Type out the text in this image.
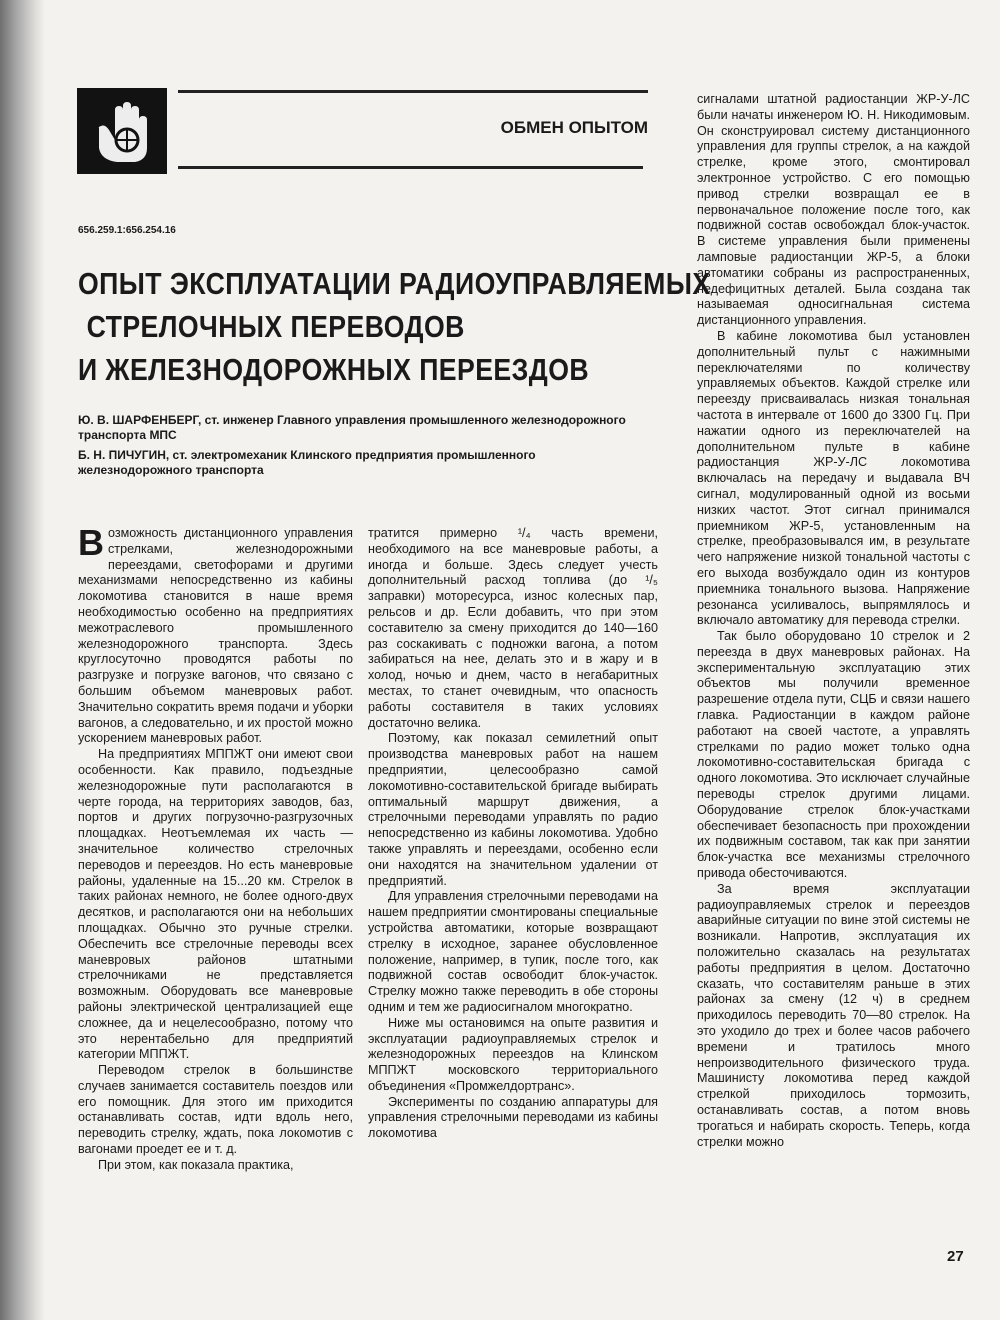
ОБМЕН ОПЫТОМ
656.259.1:656.254.16
ОПЫТ ЭКСПЛУАТАЦИИ РАДИОУПРАВЛЯЕМЫХ
СТРЕЛОЧНЫХ ПЕРЕВОДОВ
И ЖЕЛЕЗНОДОРОЖНЫХ ПЕРЕЕЗДОВ

Ю. В. ШАРФЕНБЕРГ, ст. инженер Главного управления промышленного железнодорожного транспорта МПС

Б. Н. ПИЧУГИН, ст. электромеханик Клинского предприятия промышленного железнодорожного транспорта

Возможность дистанционного управления стрелками, железнодорожными переездами, светофорами и другими механизмами непосредственно из кабины локомотива становится в наше время необходимостью особенно на предприятиях межотраслевого промышленного железнодорожного транспорта. Здесь круглосуточно проводятся работы по разгрузке и погрузке вагонов, что связано с большим объемом маневровых работ. Значительно сократить время подачи и уборки вагонов, а следовательно, и их простой можно ускорением маневровых работ.

На предприятиях МППЖТ они имеют свои особенности. Как правило, подъездные железнодорожные пути располагаются в черте города, на территориях заводов, баз, портов и других погрузочно-разгрузочных площадках. Неотъемлемая их часть — значительное количество стрелочных переводов и переездов. Но есть маневровые районы, удаленные на 15...20 км. Стрелок в таких районах немного, не более одного-двух десятков, и располагаются они на небольших площадках. Обычно это ручные стрелки. Обеспечить все стрелочные переводы всех маневровых районов штатными стрелочниками не представляется возможным. Оборудовать все маневровые районы электрической централизацией еще сложнее, да и нецелесообразно, потому что это нерентабельно для предприятий категории МППЖТ.

Переводом стрелок в большинстве случаев занимается составитель поездов или его помощник. Для этого им приходится останавливать состав, идти вдоль него, переводить стрелку, ждать, пока локомотив с вагонами проедет ее и т. д.

При этом, как показала практика,

тратится примерно ¹/₄ часть времени, необходимого на все маневровые работы, а иногда и больше. Здесь следует учесть дополнительный расход топлива (до ¹/₅ заправки) моторесурса, износ колесных пар, рельсов и др. Если добавить, что при этом составителю за смену приходится до 140—160 раз соскакивать с подножки вагона, а потом забираться на нее, делать это и в жару и в холод, ночью и днем, часто в негабаритных местах, то станет очевидным, что опасность работы составителя в таких условиях достаточно велика.

Поэтому, как показал семилетний опыт производства маневровых работ на нашем предприятии, целесообразно самой локомотивно-составительской бригаде выбирать оптимальный маршрут движения, а стрелочными переводами управлять по радио непосредственно из кабины локомотива. Удобно также управлять и переездами, особенно если они находятся на значительном удалении от предприятий.

Для управления стрелочными переводами на нашем предприятии смонтированы специальные устройства автоматики, которые возвращают стрелку в исходное, заранее обусловленное положение, например, в тупик, после того, как подвижной состав освободит блок-участок. Стрелку можно также переводить в обе стороны одним и тем же радиосигналом многократно.

Ниже мы остановимся на опыте развития и эксплуатации радиоуправляемых стрелок и железнодорожных переездов на Клинском МППЖТ московского территориального объединения «Промжелдортранс».

Эксперименты по созданию аппаратуры для управления стрелочными переводами из кабины локомотива

сигналами штатной радиостанции ЖР-У-ЛС были начаты инженером Ю. Н. Никодимовым. Он сконструировал систему дистанционного управления для группы стрелок, а на каждой стрелке, кроме этого, смонтировал электронное устройство. С его помощью привод стрелки возвращал ее в первоначальное положение после того, как подвижной состав освобождал блок-участок. В системе управления были применены ламповые радиостанции ЖР-5, а блоки автоматики собраны из распространенных, недефицитных деталей. Была создана так называемая односигнальная система дистанционного управления.

В кабине локомотива был установлен дополнительный пульт с нажимными переключателями по количеству управляемых объектов. Каждой стрелке или переезду присваивалась низкая тональная частота в интервале от 1600 до 3300 Гц. При нажатии одного из переключателей на дополнительном пульте в кабине радиостанция ЖР-У-ЛС локомотива включалась на передачу и выдавала ВЧ сигнал, модулированный одной из восьми низких частот. Этот сигнал принимался приемником ЖР-5, установленным на стрелке, преобразовывался им, в результате чего напряжение низкой тональной частоты с его выхода возбуждало один из контуров приемника тонального вызова. Напряжение резонанса усиливалось, выпрямлялось и включало автоматику для перевода стрелки.

Так было оборудовано 10 стрелок и 2 переезда в двух маневровых районах. На экспериментальную эксплуатацию этих объектов мы получили временное разрешение отдела пути, СЦБ и связи нашего главка. Радиостанции в каждом районе работают на своей частоте, а управлять стрелками по радио может только одна локомотивно-составительская бригада с одного локомотива. Это исключает случайные переводы стрелок другими лицами. Оборудование стрелок блок-участками обеспечивает безопасность при прохождении их подвижным составом, так как при занятии блок-участка все механизмы стрелочного привода обесточиваются.

За время эксплуатации радиоуправляемых стрелок и переездов аварийные ситуации по вине этой системы не возникали. Напротив, эксплуатация их положительно сказалась на результатах работы предприятия в целом. Достаточно сказать, что составителям раньше в этих районах за смену (12 ч) в среднем приходилось переводить 70—80 стрелок. На это уходило до трех и более часов рабочего времени и тратилось много непроизводительного физического труда. Машинисту локомотива перед каждой стрелкой приходилось тормозить, останавливать состав, а потом вновь трогаться и набирать скорость. Теперь, когда стрелки можно

27
